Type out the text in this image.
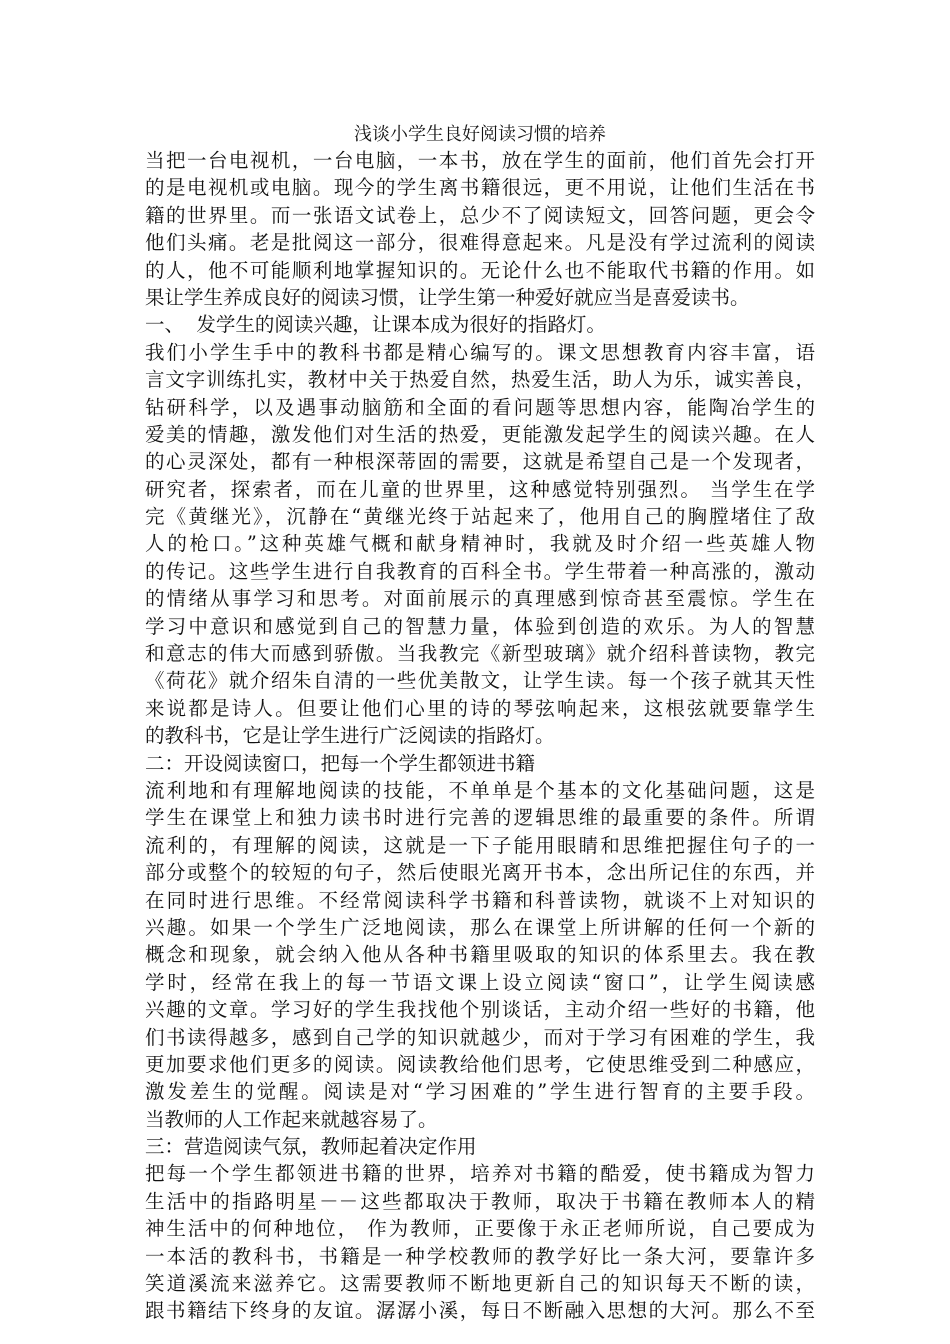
浅谈小学生良好阅读习惯的培养
当把一台电视机，一台电脑，一本书，放在学生的面前，他们首先会打开
的是电视机或电脑。现今的学生离书籍很远，更不用说，让他们生活在书
籍的世界里。而一张语文试卷上，总少不了阅读短文，回答问题，更会令
他们头痛。老是批阅这一部分，很难得意起来。凡是没有学过流利的阅读
的人，他不可能顺利地掌握知识的。无论什么也不能取代书籍的作用。如
果让学生养成良好的阅读习惯，让学生第一种爱好就应当是喜爱读书。
一、  发学生的阅读兴趣，让课本成为很好的指路灯。
我们小学生手中的教科书都是精心编写的。课文思想教育内容丰富，语
言文字训练扎实，教材中关于热爱自然，热爱生活，助人为乐，诚实善良，
钻研科学，以及遇事动脑筋和全面的看问题等思想内容，能陶冶学生的
爱美的情趣，激发他们对生活的热爱，更能激发起学生的阅读兴趣。在人
的心灵深处，都有一种根深蒂固的需要，这就是希望自己是一个发现者，
研究者，探索者，而在儿童的世界里，这种感觉特别强烈。 当学生在学
完《黄继光》，沉静在“黄继光终于站起来了，他用自己的胸膛堵住了敌
人的枪口。”这种英雄气概和献身精神时，我就及时介绍一些英雄人物
的传记。这些学生进行自我教育的百科全书。学生带着一种高涨的，激动
的情绪从事学习和思考。对面前展示的真理感到惊奇甚至震惊。学生在
学习中意识和感觉到自己的智慧力量，体验到创造的欢乐。为人的智慧
和意志的伟大而感到骄傲。当我教完《新型玻璃》就介绍科普读物，教完
《荷花》就介绍朱自清的一些优美散文，让学生读。每一个孩子就其天性
来说都是诗人。但要让他们心里的诗的琴弦响起来，这根弦就要靠学生
的教科书，它是让学生进行广泛阅读的指路灯。
二：开设阅读窗口，把每一个学生都领进书籍
流利地和有理解地阅读的技能，不单单是个基本的文化基础问题，这是
学生在课堂上和独力读书时进行完善的逻辑思维的最重要的条件。所谓
流利的，有理解的阅读，这就是一下子能用眼睛和思维把握住句子的一
部分或整个的较短的句子，然后使眼光离开书本，念出所记住的东西，并
在同时进行思维。不经常阅读科学书籍和科普读物，就谈不上对知识的
兴趣。如果一个学生广泛地阅读，那么在课堂上所讲解的任何一个新的
概念和现象，就会纳入他从各种书籍里吸取的知识的体系里去。我在教
学时，经常在我上的每一节语文课上设立阅读“窗口”，让学生阅读感
兴趣的文章。学习好的学生我找他个别谈话，主动介绍一些好的书籍，他
们书读得越多，感到自己学的知识就越少，而对于学习有困难的学生，我
更加要求他们更多的阅读。阅读教给他们思考，它使思维受到二种感应，
激发差生的觉醒。阅读是对“学习困难的”学生进行智育的主要手段。
当教师的人工作起来就越容易了。
三：营造阅读气氛，教师起着决定作用
把每一个学生都领进书籍的世界，培养对书籍的酷爱，使书籍成为智力
生活中的指路明星－－这些都取决于教师，取决于书籍在教师本人的精
神生活中的何种地位， 作为教师，正要像于永正老师所说，自己要成为
一本活的教科书，书籍是一种学校教师的教学好比一条大河，要靠许多
笑道溪流来滋养它。这需要教师不断地更新自己的知识每天不断的读，
跟书籍结下终身的友谊。潺潺小溪，每日不断融入思想的大河。那么不至
